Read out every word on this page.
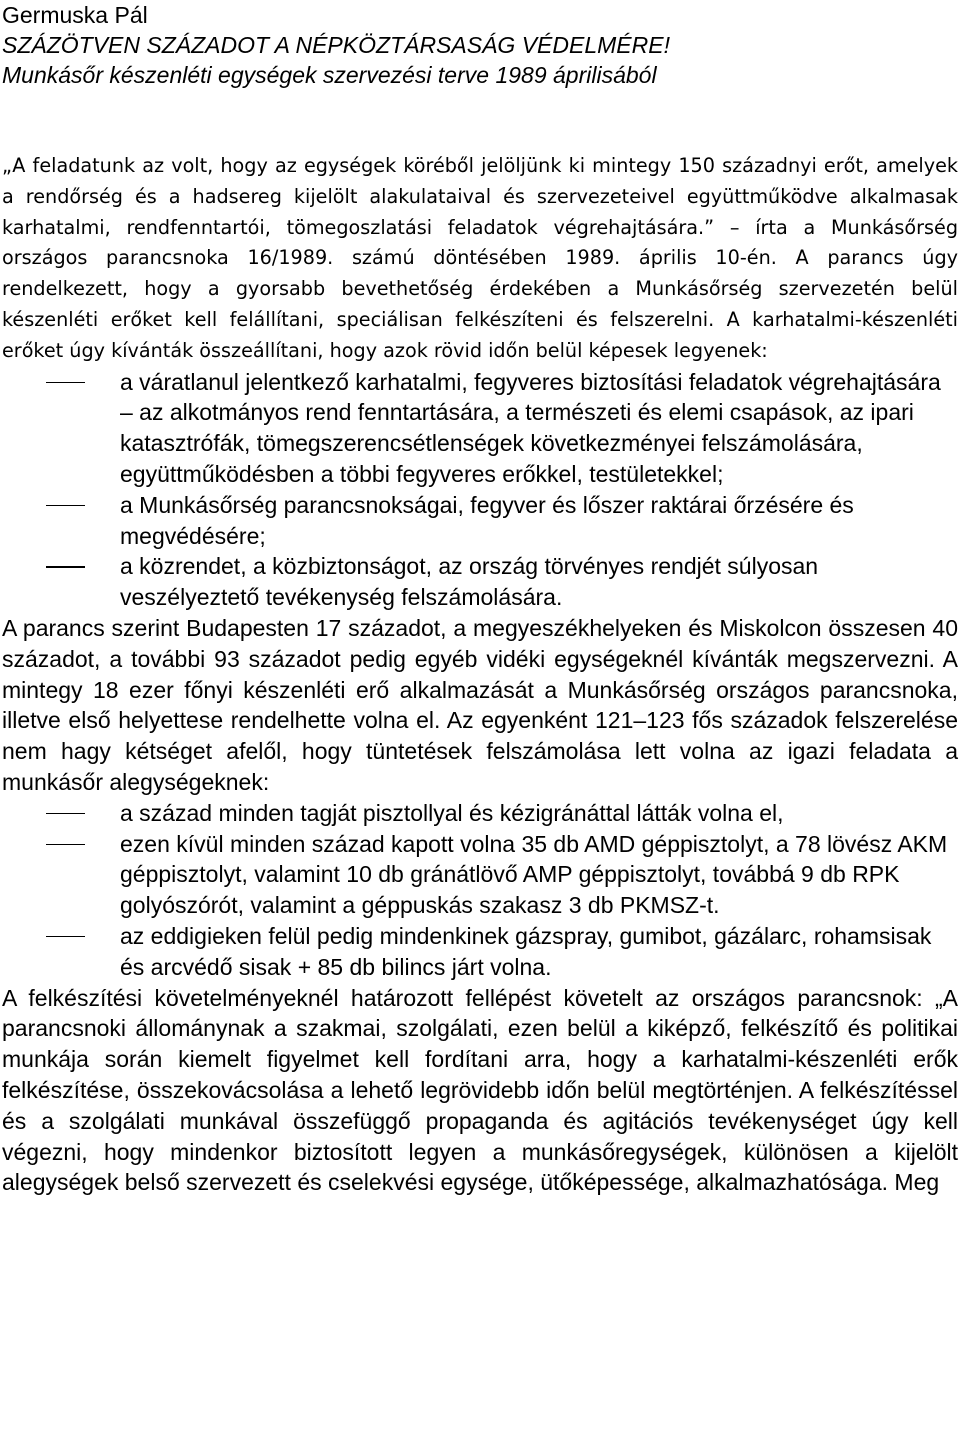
Germuska Pál

SZÁZÖTVEN SZÁZADOT A NÉPKÖZTÁRSASÁG VÉDELMÉRE!

Munkásőr készenléti egységek szervezési terve 1989 áprilisából

„A feladatunk az volt, hogy az egységek köréből jelöljünk ki mintegy 150 századnyi erőt, amelyek a rendőrség és a hadsereg kijelölt alakulataival és szervezeteivel együttműködve alkalmasak karhatalmi, rendfenntartói, tömegoszlatási feladatok végrehajtására.” – írta a Munkásőrség országos parancsnoka 16/1989. számú döntésében 1989. április 10-én. A parancs úgy rendelkezett, hogy a gyorsabb bevethetőség érdekében a Munkásőrség szervezetén belül készenléti erőket kell felállítani, speciálisan felkészíteni és felszerelni. A karhatalmi-készenléti erőket úgy kívánták összeállítani, hogy azok rövid időn belül képesek legyenek:

a váratlanul jelentkező karhatalmi, fegyveres biztosítási feladatok végrehajtására – az alkotmányos rend fenntartására, a természeti és elemi csapások, az ipari katasztrófák, tömegszerencsétlenségek következményei felszámolására, együttműködésben a többi fegyveres erőkkel, testületekkel;
a Munkásőrség parancsnokságai, fegyver és lőszer raktárai őrzésére és megvédésére;
a közrendet, a közbiztonságot, az ország törvényes rendjét súlyosan veszélyeztető tevékenység felszámolására.

A parancs szerint Budapesten 17 századot, a megyeszékhelyeken és Miskolcon összesen 40 századot, a további 93 századot pedig egyéb vidéki egységeknél kívánták megszervezni. A mintegy 18 ezer főnyi készenléti erő alkalmazását a Munkásőrség országos parancsnoka, illetve első helyettese rendelhette volna el. Az egyenként 121–123 fős századok felszerelése nem hagy kétséget afelől, hogy tüntetések felszámolása lett volna az igazi feladata a munkásőr alegységeknek:

a század minden tagját pisztollyal és kézigránáttal látták volna el,
ezen kívül minden század kapott volna 35 db AMD géppisztolyt, a 78 lövész AKM géppisztolyt, valamint 10 db gránátlövő AMP géppisztolyt, továbbá 9 db RPK golyószórót, valamint a géppuskás szakasz 3 db PKMSZ-t.
az eddigieken felül pedig mindenkinek gázspray, gumibot, gázálarc, rohamsisak és arcvédő sisak + 85 db bilincs járt volna.

A felkészítési követelményeknél határozott fellépést követelt az országos parancsnok: „A parancsnoki állománynak a szakmai, szolgálati, ezen belül a kiképző, felkészítő és politikai munkája során kiemelt figyelmet kell fordítani arra, hogy a karhatalmi-készenléti erők felkészítése, összekovácsolása a lehető legrövidebb időn belül megtörténjen. A felkészítéssel és a szolgálati munkával összefüggő propaganda és agitációs tevékenységet úgy kell végezni, hogy mindenkor biztosított legyen a munkásőregységek, különösen a kijelölt alegységek belső szervezett és cselekvési egysége, ütőképessége, alkalmazhatósága. Meg
